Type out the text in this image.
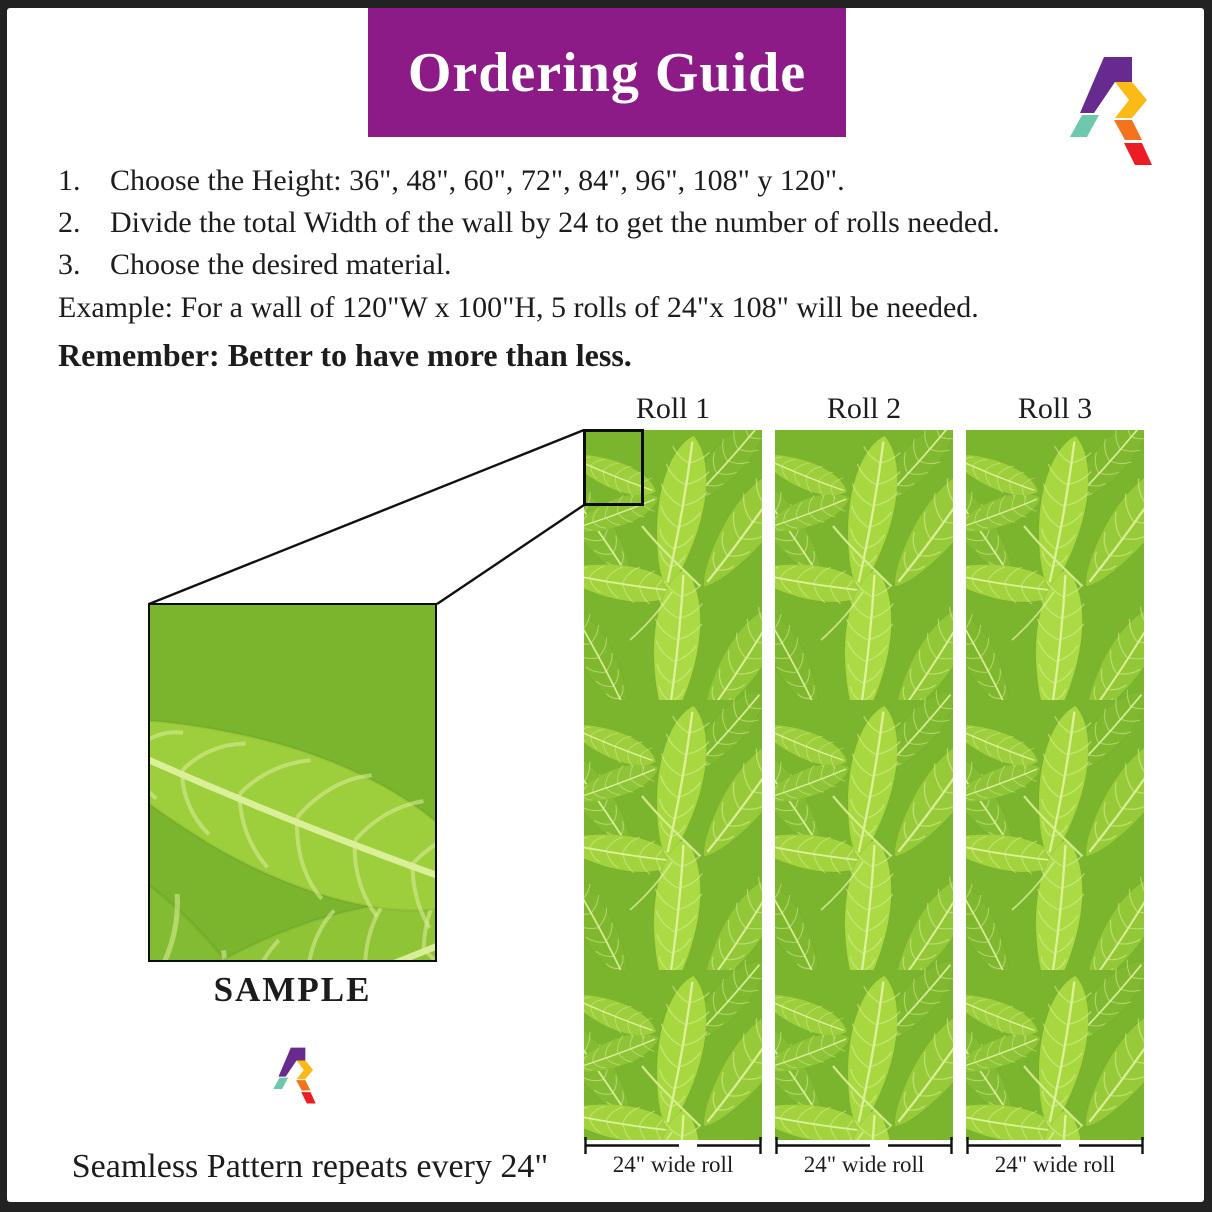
Ordering Guide
1. Choose the Height: 36", 48", 60", 72", 84", 96", 108" y 120".
2. Divide the total Width of the wall by 24 to get the number of rolls needed.
3. Choose the desired material.

Example: For a wall of 120"W x 100"H, 5 rolls of 24"x 108" will be needed.

Remember: Better to have more than less.

Roll 1
24" wide roll
Roll 2
24" wide roll
Roll 3
24" wide roll
SAMPLE
Seamless Pattern repeats every 24"
